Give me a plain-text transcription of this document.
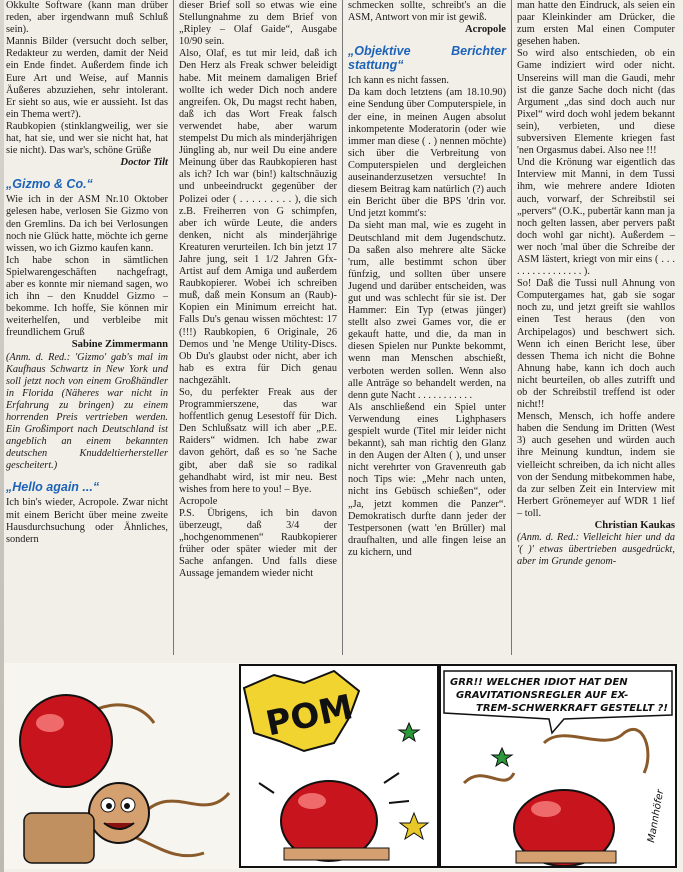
Okkulte Software (kann man drüber reden, aber irgendwann muß Schluß sein).

Mannis Bilder (versucht doch selber, Redakteur zu werden, damit der Neid ein Ende findet. Außerdem finde ich Eure Art und Weise, auf Mannis Äußeres abzuziehen, sehr intolerant. Er sieht so aus, wie er aussieht. Ist das ein Thema wert?).

Raubkopien (stinklangweilig, wer sie hat, hat sie, und wer sie nicht hat, hat sie nicht). Das war's, schöne Grüße

Doctor Tilt

„Gizmo & Co.“

Wie ich in der ASM Nr.10 Oktober gelesen habe, verlosen Sie Gizmo von den Gremlins. Da ich bei Verlosungen noch nie Glück hatte, möchte ich gerne wissen, wo ich Gizmo kaufen kann.

Ich habe schon in sämtlichen Spielwarengeschäften nachgefragt, aber es konnte mir niemand sagen, wo ich ihn – den Knuddel Gizmo – bekomme. Ich hoffe, Sie können mir weiterhelfen, und verbleibe mit freundlichem Gruß

Sabine Zimmermann

(Anm. d. Red.: 'Gizmo' gab's mal im Kaufhaus Schwartz in New York und soll jetzt noch von einem Großhändler in Florida (Näheres war nicht in Erfahrung zu bringen) zu einem horrenden Preis vertrieben werden. Ein Großimport nach Deutschland ist angeblich an einem bekannten deutschen Knuddeltierhersteller gescheitert.)

„Hello again ...“

Ich bin's wieder, Acropole. Zwar nicht mit einem Bericht über meine zweite Hausdurchsuchung oder Ähnliches, sondern

dieser Brief soll so etwas wie eine Stellungnahme zu dem Brief von „Ripley – Olaf Gaide“, Ausgabe 10/90 sein.

Also, Olaf, es tut mir leid, daß ich Den Herz als Freak schwer beleidigt habe. Mit meinem damaligen Brief wollte ich weder Dich noch andere angreifen. Ok, Du magst recht haben, daß ich das Wort Freak falsch verwendet habe, aber warum stempelst Du mich als minderjährigen Jüngling ab, nur weil Du eine andere Meinung über das Raubkopieren hast als ich? Ich war (bin!) kaltschnäuzig und unbeeindruckt gegenüber der Polizei oder ( . . . . . . . . . ), die sich z.B. Freiherren von G schimpfen, aber ich würde Leute, die anders denken, nicht als minderjährige Kreaturen verurteilen. Ich bin jetzt 17 Jahre jung, seit 1 1/2 Jahren Gfx-Artist auf dem Amiga und außerdem Raubkopierer. Wobei ich schreiben muß, daß mein Konsum an (Raub)-Kopien ein Minimum erreicht hat. Falls Du's genau wissen möchtest: 17 (!!!) Raubkopien, 6 Originale, 26 Demos und 'ne Menge Utility-Discs. Ob Du's glaubst oder nicht, aber ich hab es extra für Dich genau nachgezählt.

So, du perfekter Freak aus der Programmierszene, das war hoffentlich genug Lesestoff für Dich. Den Schlußsatz will ich aber „P.E. Raiders“ widmen. Ich habe zwar davon gehört, daß es so 'ne Sache gibt, aber daß sie so radikal gehandhabt wird, ist mir neu. Best wishes from here to you! – Bye.

Acropole

P.S. Übrigens, ich bin davon überzeugt, daß 3/4 der „hochgenommenen“ Raubkopierer früher oder später wieder mit der Sache anfangen. Und falls diese Aussage jemandem wieder nicht

schmecken sollte, schreibt's an die ASM, Antwort von mir ist gewiß.

Acropole

„Objektive Berichter stattung“

Ich kann es nicht fassen.

Da kam doch letztens (am 18.10.90) eine Sendung über Computerspiele, in der eine, in meinen Augen absolut inkompetente Moderatorin (oder wie immer man diese ( . ) nennen möchte) sich über die Verbreitung von Computerspielen und dergleichen auseinanderzusetzen versuchte! In diesem Beitrag kam natürlich (?) auch ein Bericht über die BPS 'drin vor. Und jetzt kommt's:

Da sieht man mal, wie es zugeht in Deutschland mit dem Jugendschutz. Da saßen also mehrere alte Säcke 'rum, alle bestimmt schon über fünfzig, und sollten über unsere Jugend und darüber entscheiden, was gut und was schlecht für sie ist. Der Hammer: Ein Typ (etwas jünger) stellt also zwei Games vor, die er gekauft hatte, und die, da man in diesen Spielen nur Punkte bekommt, wenn man Menschen abschießt, verboten werden sollen. Wenn also alle Anträge so behandelt werden, na denn gute Nacht . . . . . . . . . . .

Als anschließend ein Spiel unter Verwendung eines Lighphasers gespielt wurde (Titel mir leider nicht bekannt), sah man richtig den Glanz in den Augen der Alten ( ), und unser nicht verehrter von Gravenreuth gab noch Tips wie: „Mehr nach unten, nicht ins Gebüsch schießen“, oder „Ja, jetzt kommen die Panzer“. Demokratisch durfte dann jeder der Testpersonen (watt 'en Brüller) mal draufhalten, und alle fingen leise an zu kichern, und

man hatte den Eindruck, als seien ein paar Kleinkinder am Drücker, die zum ersten Mal einen Computer gesehen haben.

So wird also entschieden, ob ein Game indiziert wird oder nicht. Unsereins will man die Gaudi, mehr ist die ganze Sache doch nicht (das Argument „das sind doch auch nur Pixel“ wird doch wohl jedem bekannt sein), verbieten, und diese subversiven Elemente kriegen fast 'nen Orgasmus dabei. Also nee !!!

Und die Krönung war eigentlich das Interview mit Manni, in dem Tussi ihm, wie mehrere andere Idioten auch, vorwarf, der Schreibstil sei „pervers“ (O.K., pubertär kann man ja noch gelten lassen, aber pervers paßt doch wohl gar nicht). Außerdem – wer noch 'mal über die Schreibe der ASM lästert, kriegt von mir eins ( . . . . . . . . . . . . . . . . ).

So! Daß die Tussi null Ahnung von Computergames hat, gab sie sogar noch zu, und jetzt greift sie wahllos einen Test heraus (den von Archipelagos) und beschwert sich. Wenn ich einen Bericht lese, über dessen Thema ich nicht die Bohne Ahnung habe, kann ich doch auch nicht beurteilen, ob alles zutrifft und ob der Schreibstil treffend ist oder nicht!!

Mensch, Mensch, ich hoffe andere haben die Sendung im Dritten (West 3) auch gesehen und würden auch ihre Meinung kundtun, indem sie vielleicht schreiben, da ich nicht alles von der Sendung mitbekommen habe, da zur selben Zeit ein Interview mit Herbert Grönemeyer auf WDR 1 lief – toll.

Christian Kaukas

(Anm. d. Red.: Vielleicht hier und da '( )' etwas übertrieben ausgedrückt, aber im Grunde genom-

POM
GRR!! WELCHER IDIOT HAT DEN
GRAVITATIONSREGLER AUF EX-
TREM-SCHWERKRAFT GESTELLT ?!
Mannhöfer
